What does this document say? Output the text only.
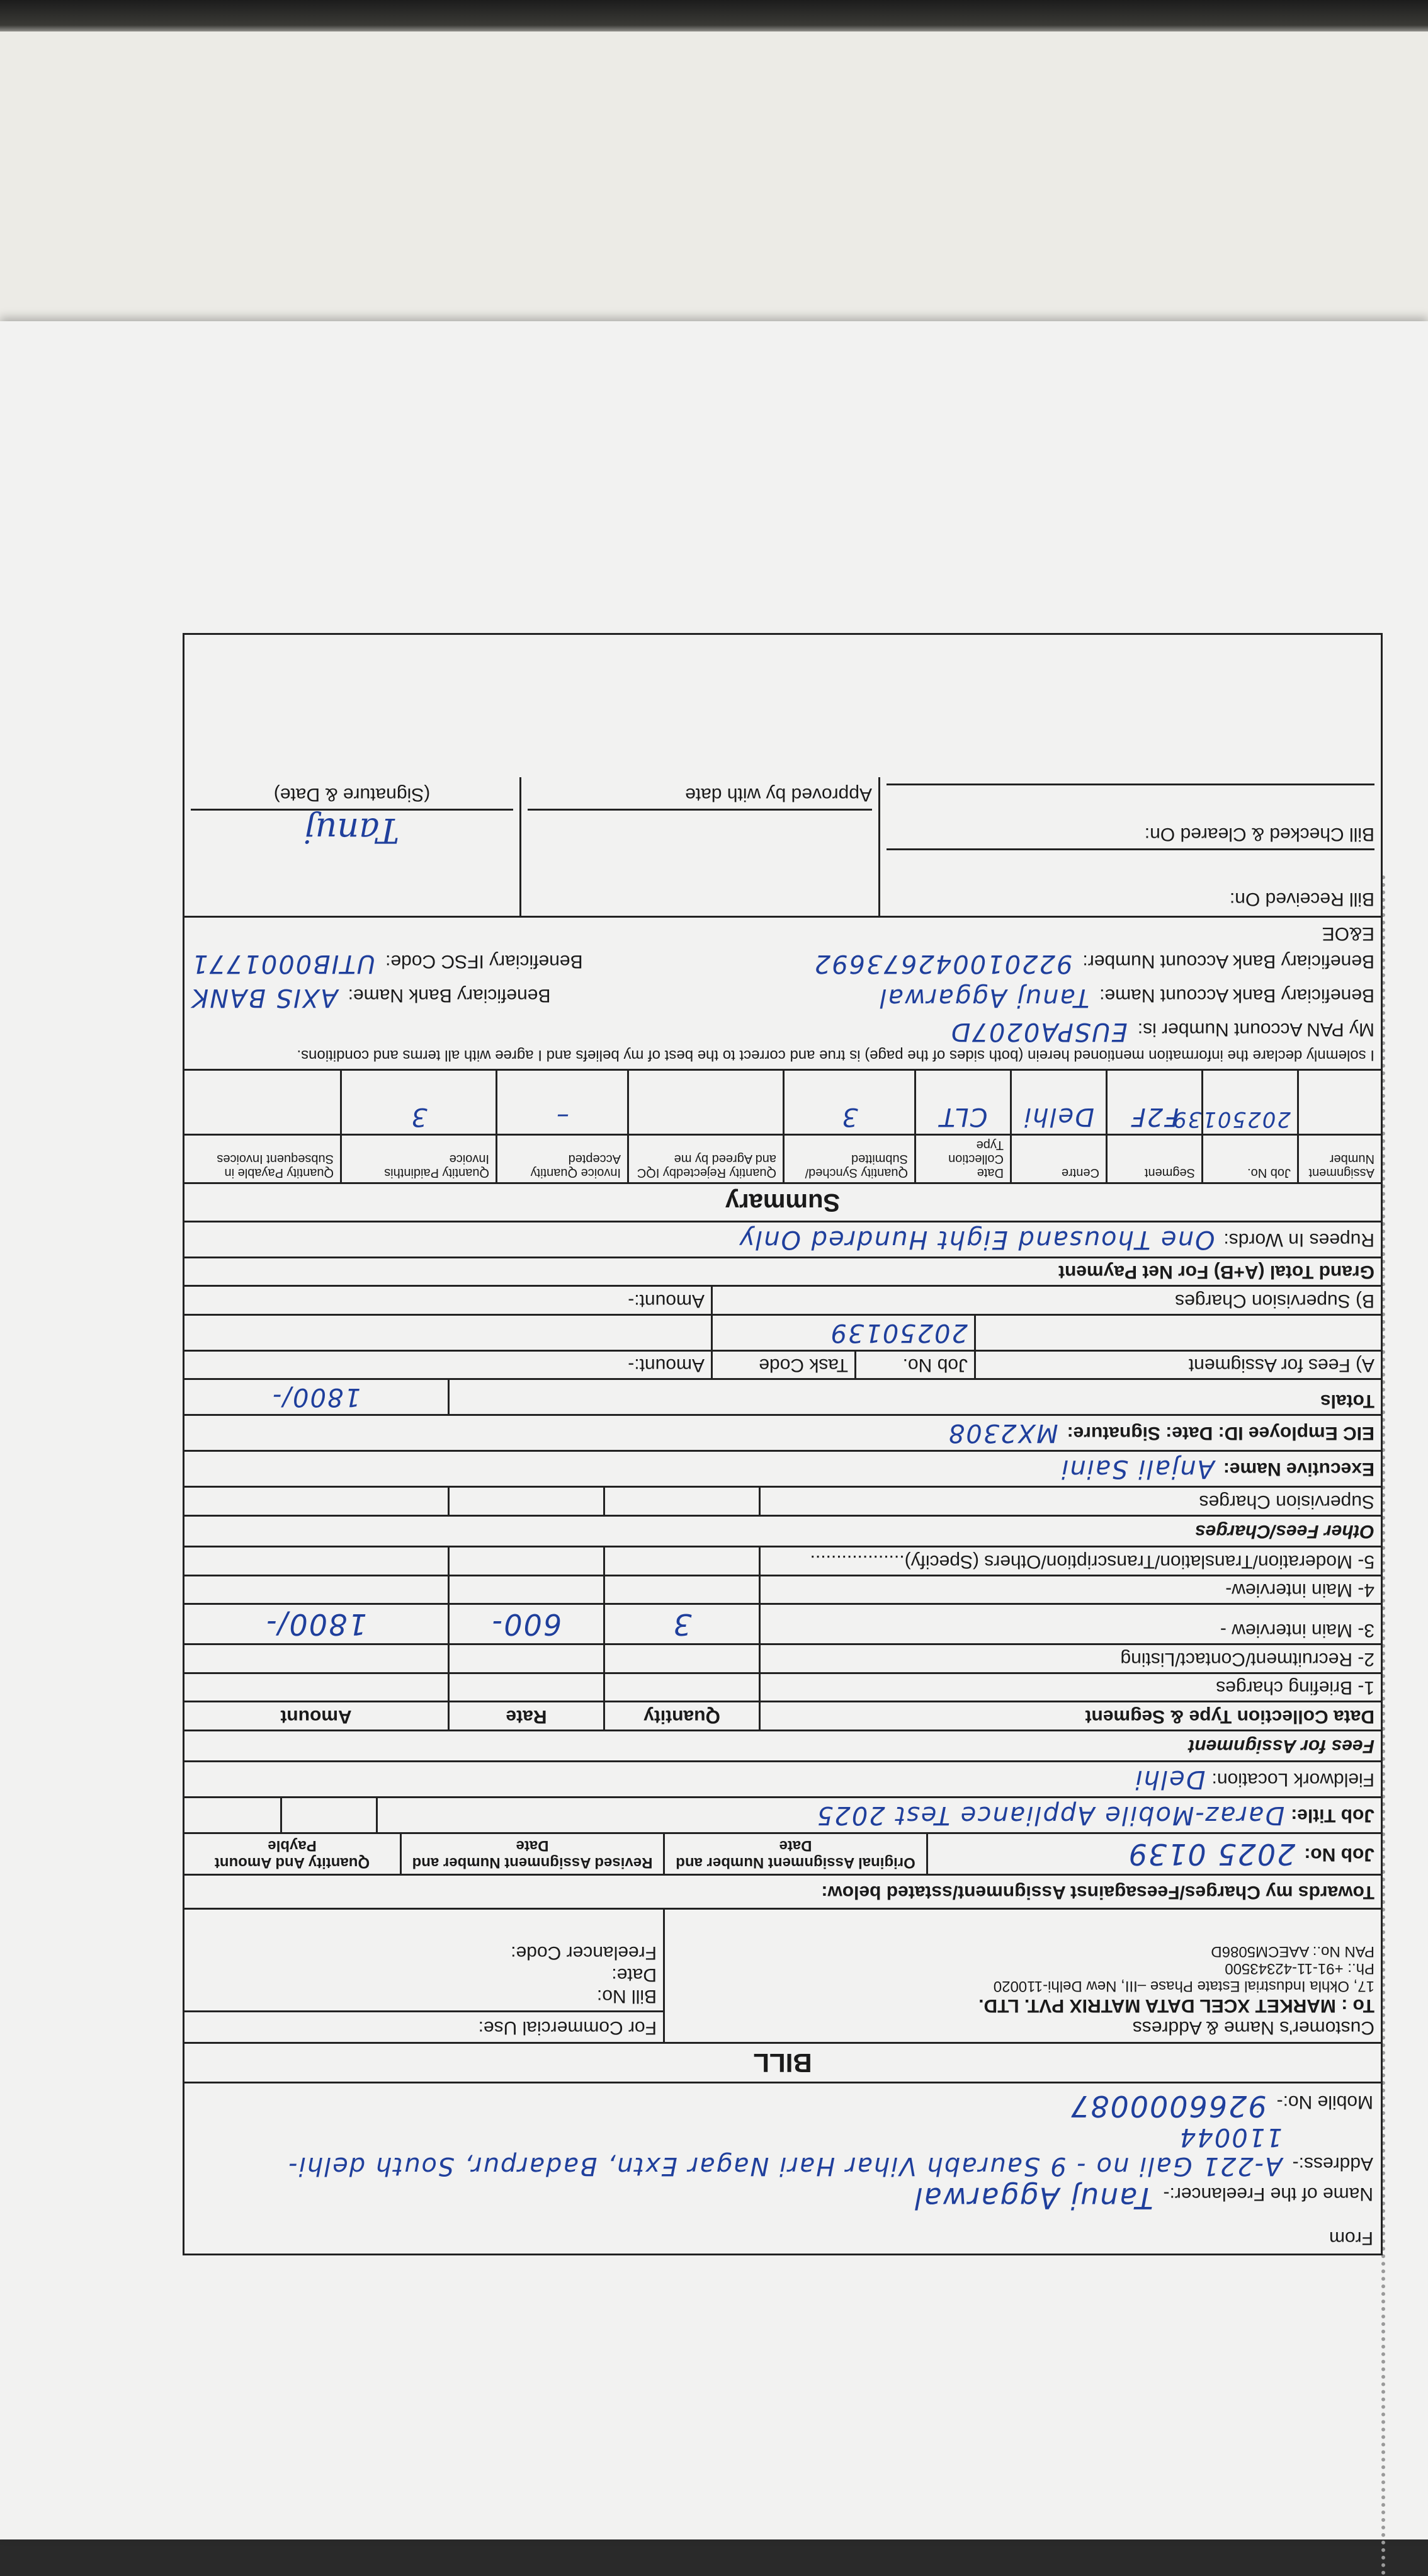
From
Name of the Freelancer:-
Tanuj Aggarwal
Address:-
A-221 Gali no - 9 Saurabh Vihar Hari Nagar Extn, Badarpur, South delhi-110044
Mobile No:-
9266000087
BILL
Customer's Name & Address
To : MARKET XCEL DATA MATRIX PVT. LTD.
17, Okhla Industrial Estate Phase –III, New Delhi-110020
Ph.: +91-11-42343500
PAN No.: AAECM5086D
For Commercial Use:
Bill No:
Date:
Freelancer Code:
Towards my Charges/Feesagainst Assignment/sstated below:
Job No:
2025 0139
Original Assignment Number and Date
Revised Assignment Number and Date
Quantity And Amount Payble
Job Title:
Daraz-Mobile Appliance Test 2025
Fieldwork Location:
Delhi
Fees for Assignment
Data Collection Type & Segment
Quantity
Rate
Amount
1- Briefing charges
2- Recruitment/Contact/Listing
3- Main interview -
3
600-
1800/-
4- Main interview-
5- Moderation/Translation/Transcription/Others (Specify)..................
Other Fees/Charges
Supervision Charges
Executive Name:
Anjali Saini
EIC Employee ID: Date: Signature:
MX2308
Totals
1800/-
A) Fees for Assigment
Job No.
Task Code
Amount:-
20250139
B) Supervision Charges
Amount:-
Grand Total (A+B) For Net Payment
Rupees In Words:
One Thousand Eight Hundred Only
Summary
Assignment Number
Job No.
Segment
Centre
Date Collection Type
Quantity Synched/ Submitted
Quantity Rejectedby IQC and Agreed by me
Invoice Quantity Accepted
Quantity Paidinthis Invoice
Quantity Payable in Subsequent Invoices
20250139
F2F
Delhi
CLT
3
–
3
I solemnly declare the information mentioned herein (both sides of the page) is true and correct to the best of my beliefs and I agree with all terms and conditions.
My PAN Account Number is:
EUSPA0207D
Beneficiary Bank Account Name:
Tanuj Aggarwal
Beneficiary Bank Name:
AXIS BANK
Beneficiary Bank Account Number:
922010042673692
Beneficiary IFSC Code:
UTIB0001771
E&OE
Bill Received On:
Bill Checked & Cleared On:
Approved by with date
Tanuj
(Signature & Date)
